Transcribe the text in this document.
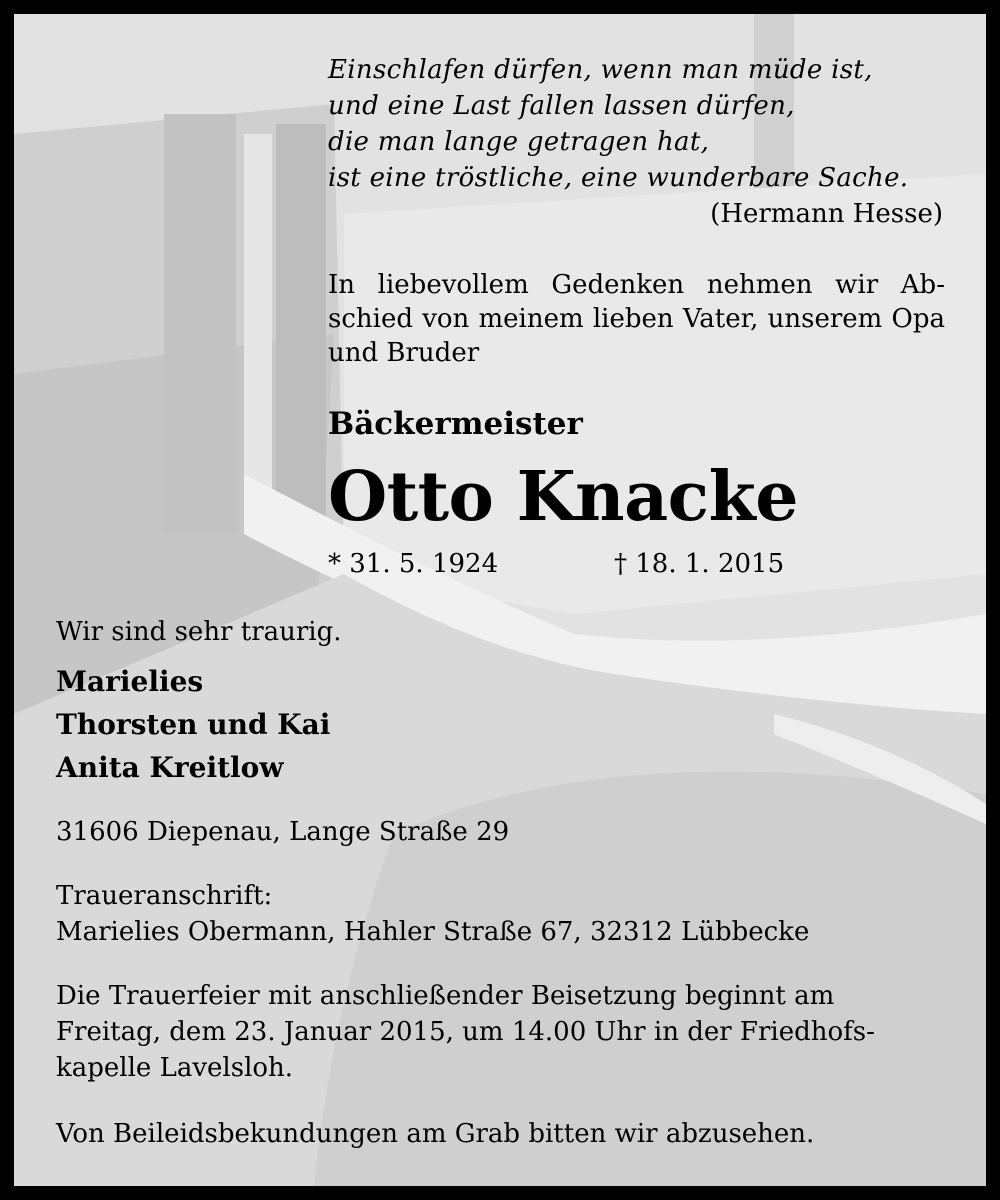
Einschlafen dürfen, wenn man müde ist,
und eine Last fallen lassen dürfen,
die man lange getragen hat,
ist eine tröstliche, eine wunderbare Sache.
(Hermann Hesse)

In liebevollem Gedenken nehmen wir Abschied von meinem lieben Vater, unserem Opa und Bruder

Bäckermeister
Otto Knacke
* 31. 5. 1924	† 18. 1. 2015
Wir sind sehr traurig.
Marielies
Thorsten und Kai
Anita Kreitlow
31606 Diepenau, Lange Straße 29
Traueranschrift:
Marielies Obermann, Hahler Straße 67, 32312 Lübbecke
Die Trauerfeier mit anschließender Beisetzung beginnt am
Freitag, dem 23. Januar 2015, um 14.00 Uhr in der Friedhofs-
kapelle Lavelsloh.
Von Beileidsbekundungen am Grab bitten wir abzusehen.
